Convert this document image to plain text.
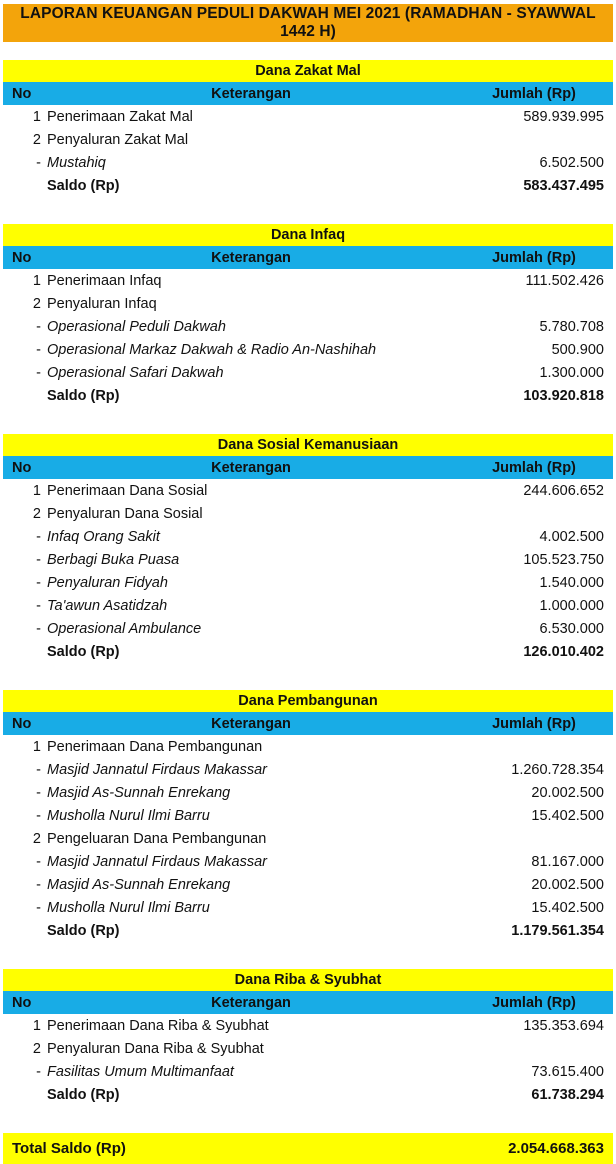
LAPORAN KEUANGAN PEDULI DAKWAH MEI 2021 (RAMADHAN - SYAWWAL 1442 H)
Dana Zakat Mal
No	Keterangan	Jumlah (Rp)
1 Penerimaan Zakat Mal	589.939.995
2 Penyaluran Zakat Mal
- Mustahiq	6.502.500
Saldo (Rp)	583.437.495
Dana Infaq
No	Keterangan	Jumlah (Rp)
1 Penerimaan Infaq	111.502.426
2 Penyaluran Infaq
- Operasional Peduli Dakwah	5.780.708
- Operasional Markaz Dakwah & Radio An-Nashihah	500.900
- Operasional Safari Dakwah	1.300.000
Saldo (Rp)	103.920.818
Dana Sosial Kemanusiaan
No	Keterangan	Jumlah (Rp)
1 Penerimaan Dana Sosial	244.606.652
2 Penyaluran Dana Sosial
- Infaq Orang Sakit	4.002.500
- Berbagi Buka Puasa	105.523.750
- Penyaluran Fidyah	1.540.000
- Ta'awun Asatidzah	1.000.000
- Operasional Ambulance	6.530.000
Saldo (Rp)	126.010.402
Dana Pembangunan
No	Keterangan	Jumlah (Rp)
1 Penerimaan Dana Pembangunan
- Masjid Jannatul Firdaus Makassar	1.260.728.354
- Masjid As-Sunnah Enrekang	20.002.500
- Musholla Nurul Ilmi Barru	15.402.500
2 Pengeluaran Dana Pembangunan
- Masjid Jannatul Firdaus Makassar	81.167.000
- Masjid As-Sunnah Enrekang	20.002.500
- Musholla Nurul Ilmi Barru	15.402.500
Saldo (Rp)	1.179.561.354
Dana Riba & Syubhat
No	Keterangan	Jumlah (Rp)
1 Penerimaan Dana Riba & Syubhat	135.353.694
2 Penyaluran Dana Riba & Syubhat
- Fasilitas Umum Multimanfaat	73.615.400
Saldo (Rp)	61.738.294
Total Saldo (Rp)	2.054.668.363
